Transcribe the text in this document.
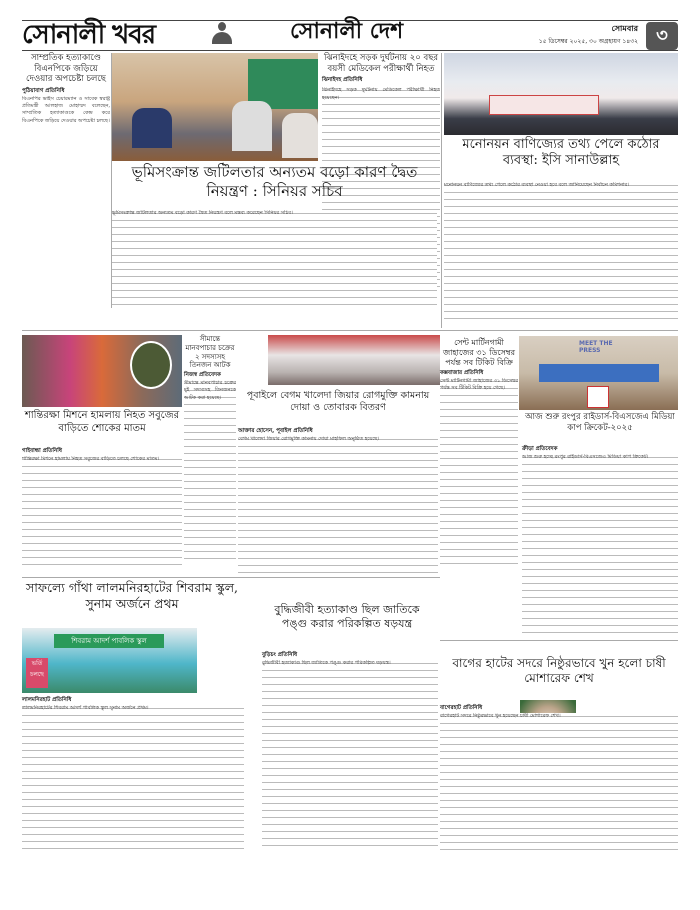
সোনালী খবর	সোনালী দেশ	সোমবার
১৫ ডিসেম্বর ২০২৫, ৩০ অগ্রহায়ণ ১৪৩২	৩
সাম্প্রতিক হত্যাকাণ্ডে বিএনপিকে জড়িয়ে দেওয়ার অপচেষ্টা চলছে
পুঠিয়াবাগ প্রতিনিধি
বিএনপির ভাইস চেয়ারম্যান ও সাবেক স্বরাষ্ট্র প্রতিমন্ত্রী আলহাজ মোহাম্মদ বলেছেন, সাম্প্রতিক হত্যাকাণ্ডকে কেন্দ্র করে বিএনপিকে জড়িয়ে দেওয়ার অপচেষ্টা চলছে।
ঝিনাইদহে সড়ক দুর্ঘটনায় ২০ বছর বয়সী মেডিকেল পরীক্ষার্থী নিহত
ঝিনাইদহ প্রতিনিধি
ঝিনাইদহে সড়ক দুর্ঘটনায় মেডিকেল পরীক্ষার্থী নিহত হয়েছেন।
ভূমিসংক্রান্ত জটিলতার অন্যতম বড়ো কারণ দ্বৈত নিয়ন্ত্রণ : সিনিয়র সচিব
ভূমিসংক্রান্ত জটিলতার অন্যতম বড়ো কারণ দ্বৈত নিয়ন্ত্রণ বলে মন্তব্য করেছেন সিনিয়র সচিব।
মনোনয়ন বাণিজ্যের তথ্য পেলে কঠোর ব্যবস্থা: ইসি সানাউল্লাহ
মনোনয়ন বাণিজ্যের তথ্য পেলে কঠোর ব্যবস্থা নেওয়া হবে বলে জানিয়েছেন নির্বাচন কমিশনার।
সীমান্তে মানবপাচার চক্রের ২ সদস্যসহ তিনজন আটক
নিজস্ব প্রতিবেদক
সীমান্তে মানবপাচার চক্রের দুই সদস্যসহ তিনজনকে আটক করা হয়েছে।
শান্তিরক্ষা মিশনে হামলায় নিহত সবুজের বাড়িতে শোকের মাতম
গাইবান্ধা প্রতিনিধি
শান্তিরক্ষা মিশনে হামলায় নিহত সবুজের বাড়িতে চলছে শোকের মাতম।
পূবাইলে বেগম খালেদা জিয়ার রোগমুক্তি কামনায় দোয়া ও তোবারক বিতরণ
আক্তার হোসেন, পূবাইল প্রতিনিধি
বেগম খালেদা জিয়ার রোগমুক্তি কামনায় দোয়া মাহফিল অনুষ্ঠিত হয়েছে।
সেন্ট মার্টিনগামী জাহাজের ৩১ ডিসেম্বর পর্যন্ত সব টিকিট বিক্রি
কক্সবাজার প্রতিনিধি
সেন্ট মার্টিনগামী জাহাজের ৩১ ডিসেম্বর পর্যন্ত সব টিকিট বিক্রি হয়ে গেছে।
MEET THE PRESS
আজ শুরু রংপুর রাইডার্স-বিএসজেএ মিডিয়া কাপ ক্রিকেট-২০২৫
ক্রীড়া প্রতিবেদক
আজ শুরু হচ্ছে রংপুর রাইডার্স-বিএসজেএ মিডিয়া কাপ ক্রিকেট।
সাফল্যে গাঁথা লালমনিরহাটের শিবরাম স্কুল, সুনাম অর্জনে প্রথম
শিবরাম আদর্শ পাবলিক স্কুল
ভর্তি চলছে
লালমনিরহাট প্রতিনিধি
লালমনিরহাটের শিবরাম আদর্শ পাবলিক স্কুল সুনাম অর্জনে প্রথম।
বুদ্ধিজীবী হত্যাকাণ্ড ছিল জাতিকে পঙ্গু করার পরিকল্পিত ষড়যন্ত্র
বুড়িচং প্রতিনিধি
বুদ্ধিজীবী হত্যাকাণ্ড ছিল জাতিকে পঙ্গু করার পরিকল্পিত ষড়যন্ত্র।	বাগের হাটের সদরে নিষ্ঠুরভাবে খুন হলো চাষী মোশারেফ শেখ
বাগেরহাট প্রতিনিধি
বাগেরহাট সদরে নিষ্ঠুরভাবে খুন হয়েছেন চাষী মোশারেফ শেখ।
